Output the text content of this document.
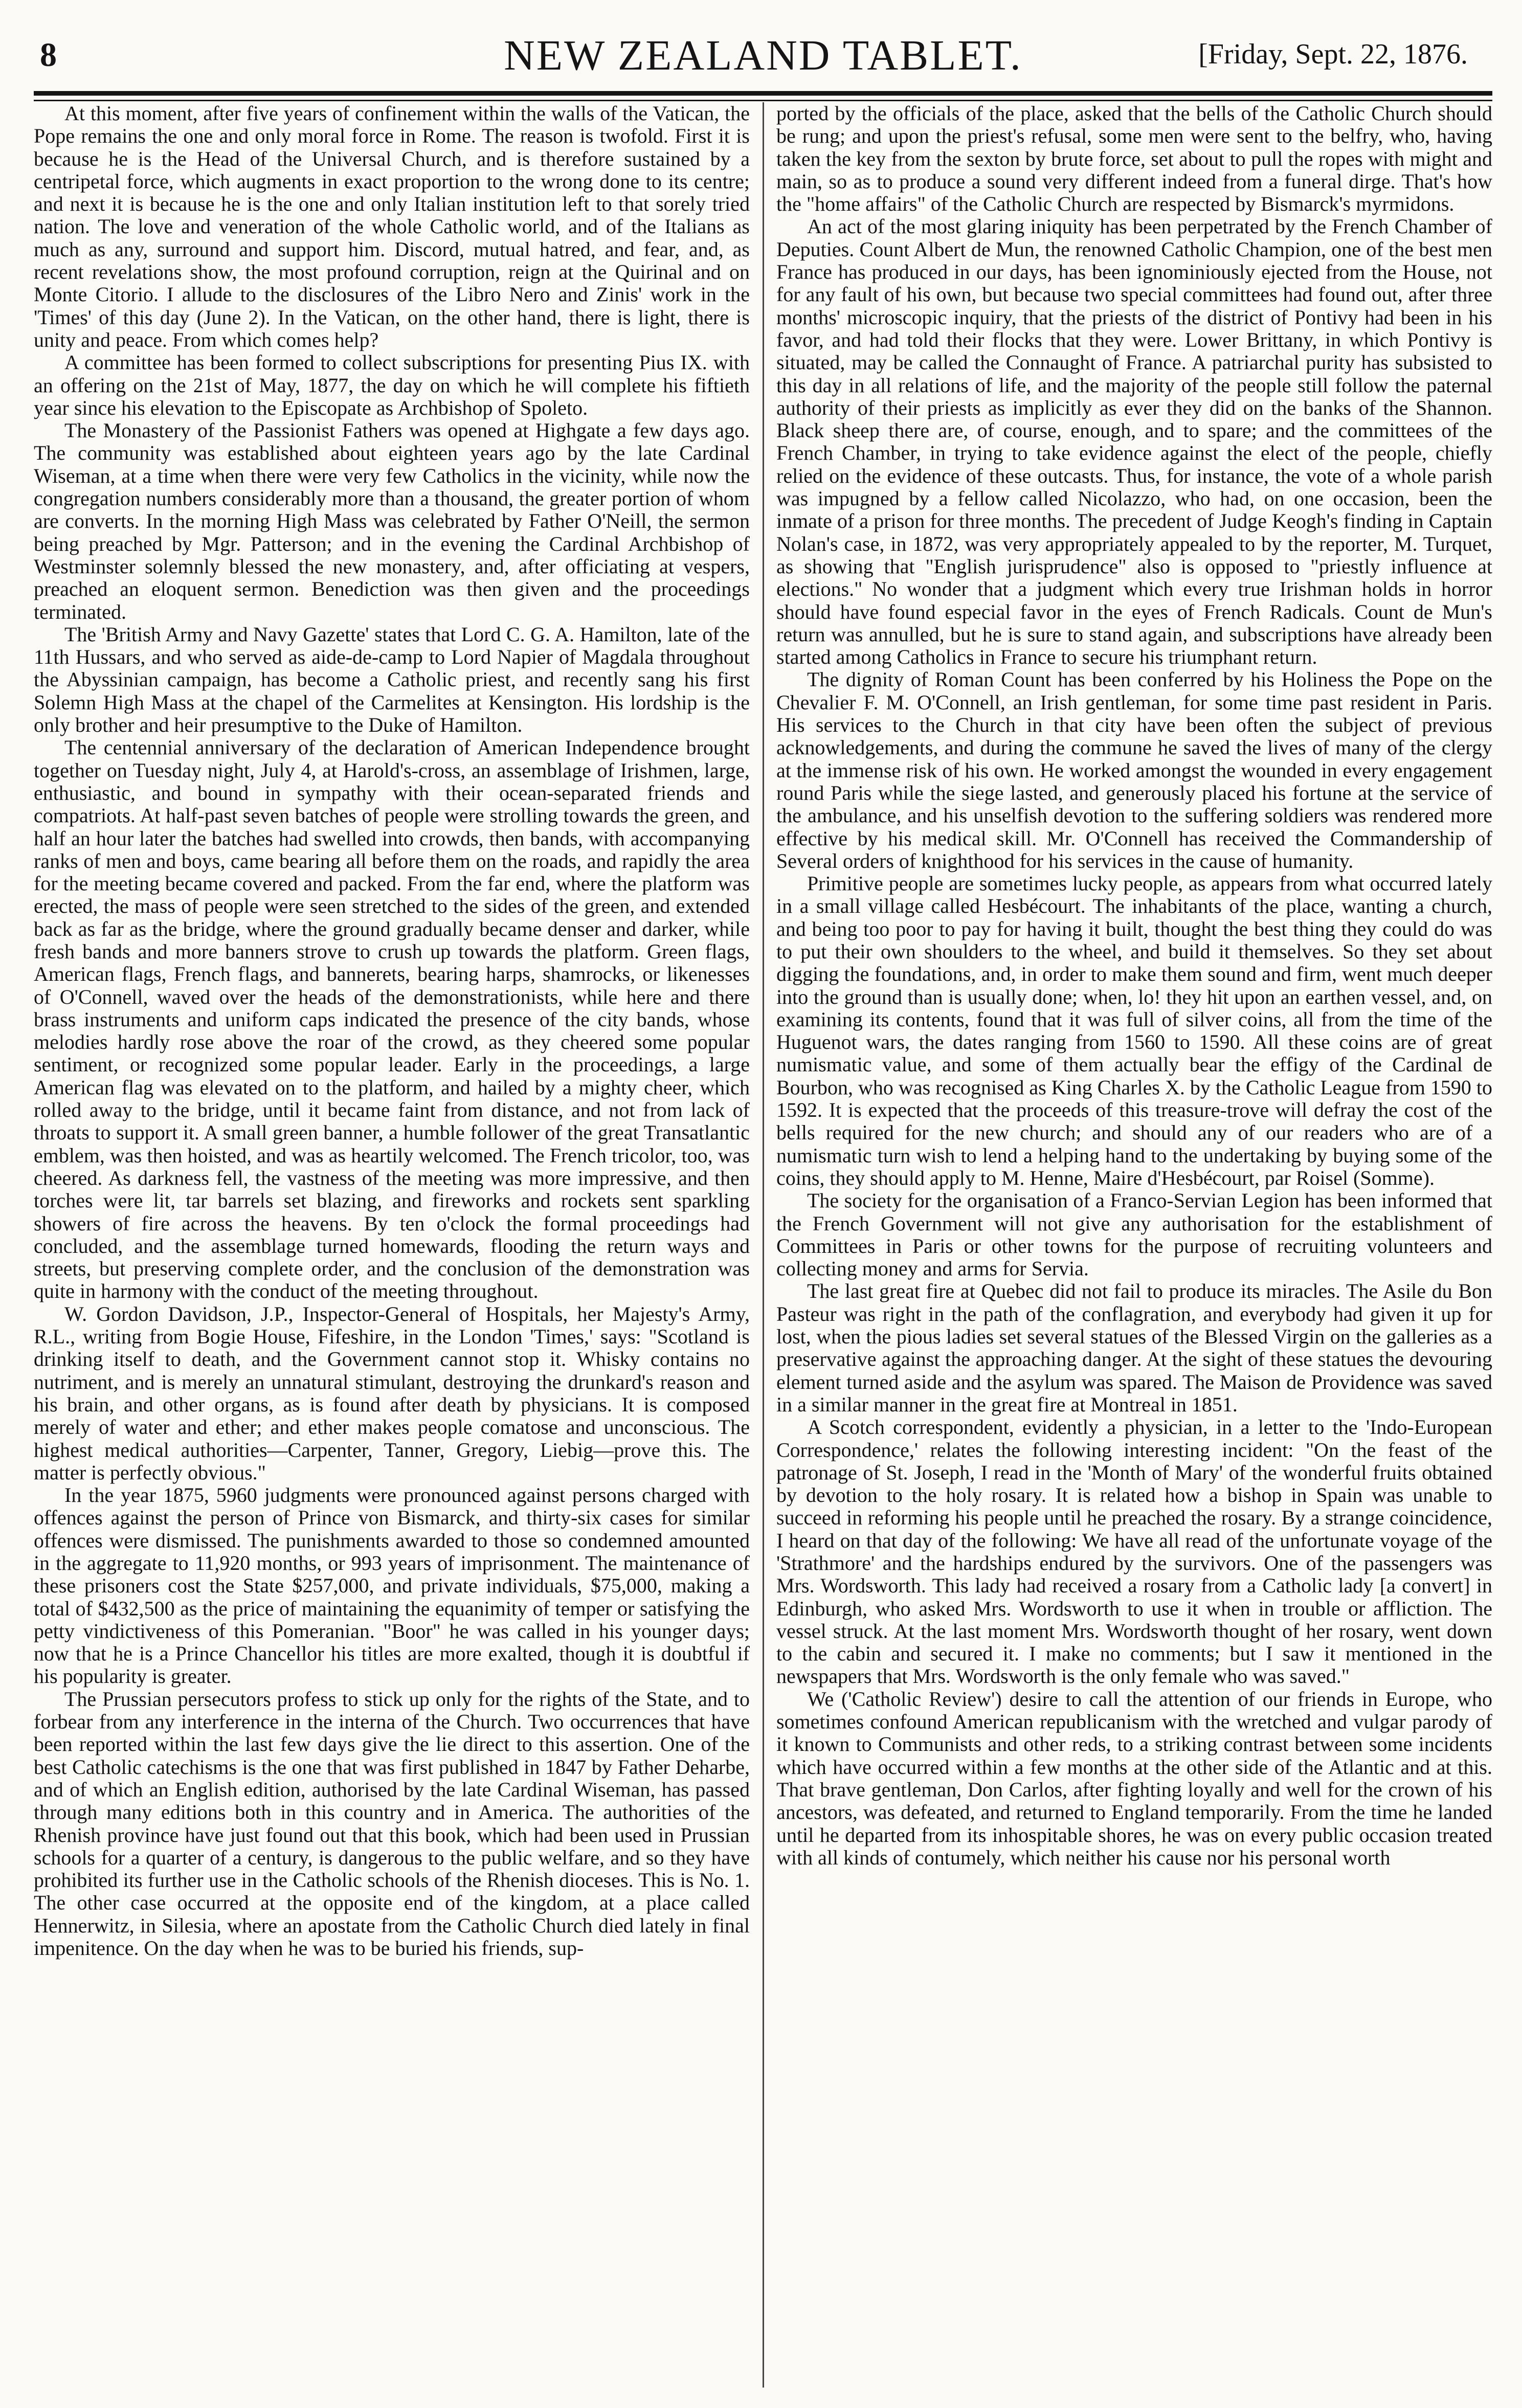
8	NEW ZEALAND TABLET.	[Friday, Sept. 22, 1876.

At this moment, after five years of confinement within the walls of the Vatican, the Pope remains the one and only moral force in Rome. The reason is twofold. First it is because he is the Head of the Universal Church, and is therefore sustained by a centripetal force, which augments in exact proportion to the wrong done to its centre; and next it is because he is the one and only Italian institution left to that sorely tried nation. The love and veneration of the whole Catholic world, and of the Italians as much as any, surround and support him. Discord, mutual hatred, and fear, and, as recent revelations show, the most profound corruption, reign at the Quirinal and on Monte Citorio. I allude to the disclosures of the Libro Nero and Zinis' work in the 'Times' of this day (June 2). In the Vatican, on the other hand, there is light, there is unity and peace. From which comes help?

A committee has been formed to collect subscriptions for presenting Pius IX. with an offering on the 21st of May, 1877, the day on which he will complete his fiftieth year since his elevation to the Episcopate as Archbishop of Spoleto.

The Monastery of the Passionist Fathers was opened at Highgate a few days ago. The community was established about eighteen years ago by the late Cardinal Wiseman, at a time when there were very few Catholics in the vicinity, while now the congregation numbers considerably more than a thousand, the greater portion of whom are converts. In the morning High Mass was celebrated by Father O'Neill, the sermon being preached by Mgr. Patterson; and in the evening the Cardinal Archbishop of Westminster solemnly blessed the new monastery, and, after officiating at vespers, preached an eloquent sermon. Benediction was then given and the proceedings terminated.

The 'British Army and Navy Gazette' states that Lord C. G. A. Hamilton, late of the 11th Hussars, and who served as aide-de-camp to Lord Napier of Magdala throughout the Abyssinian campaign, has become a Catholic priest, and recently sang his first Solemn High Mass at the chapel of the Carmelites at Kensington. His lordship is the only brother and heir presumptive to the Duke of Hamilton.

The centennial anniversary of the declaration of American Independence brought together on Tuesday night, July 4, at Harold's-cross, an assemblage of Irishmen, large, enthusiastic, and bound in sympathy with their ocean-separated friends and compatriots. At half-past seven batches of people were strolling towards the green, and half an hour later the batches had swelled into crowds, then bands, with accompanying ranks of men and boys, came bearing all before them on the roads, and rapidly the area for the meeting became covered and packed. From the far end, where the platform was erected, the mass of people were seen stretched to the sides of the green, and extended back as far as the bridge, where the ground gradually became denser and darker, while fresh bands and more banners strove to crush up towards the platform. Green flags, American flags, French flags, and bannerets, bearing harps, shamrocks, or likenesses of O'Connell, waved over the heads of the demonstrationists, while here and there brass instruments and uniform caps indicated the presence of the city bands, whose melodies hardly rose above the roar of the crowd, as they cheered some popular sentiment, or recognized some popular leader. Early in the proceedings, a large American flag was elevated on to the platform, and hailed by a mighty cheer, which rolled away to the bridge, until it became faint from distance, and not from lack of throats to support it. A small green banner, a humble follower of the great Transatlantic emblem, was then hoisted, and was as heartily welcomed. The French tricolor, too, was cheered. As darkness fell, the vastness of the meeting was more impressive, and then torches were lit, tar barrels set blazing, and fireworks and rockets sent sparkling showers of fire across the heavens. By ten o'clock the formal proceedings had concluded, and the assemblage turned homewards, flooding the return ways and streets, but preserving complete order, and the conclusion of the demonstration was quite in harmony with the conduct of the meeting throughout.

W. Gordon Davidson, J.P., Inspector-General of Hospitals, her Majesty's Army, R.L., writing from Bogie House, Fifeshire, in the London 'Times,' says: "Scotland is drinking itself to death, and the Government cannot stop it. Whisky contains no nutriment, and is merely an unnatural stimulant, destroying the drunkard's reason and his brain, and other organs, as is found after death by physicians. It is composed merely of water and ether; and ether makes people comatose and unconscious. The highest medical authorities—Carpenter, Tanner, Gregory, Liebig—prove this. The matter is perfectly obvious."

In the year 1875, 5960 judgments were pronounced against persons charged with offences against the person of Prince von Bismarck, and thirty-six cases for similar offences were dismissed. The punishments awarded to those so condemned amounted in the aggregate to 11,920 months, or 993 years of imprisonment. The maintenance of these prisoners cost the State $257,000, and private individuals, $75,000, making a total of $432,500 as the price of maintaining the equanimity of temper or satisfying the petty vindictiveness of this Pomeranian. "Boor" he was called in his younger days; now that he is a Prince Chancellor his titles are more exalted, though it is doubtful if his popularity is greater.

The Prussian persecutors profess to stick up only for the rights of the State, and to forbear from any interference in the interna of the Church. Two occurrences that have been reported within the last few days give the lie direct to this assertion. One of the best Catholic catechisms is the one that was first published in 1847 by Father Deharbe, and of which an English edition, authorised by the late Cardinal Wiseman, has passed through many editions both in this country and in America. The authorities of the Rhenish province have just found out that this book, which had been used in Prussian schools for a quarter of a century, is dangerous to the public welfare, and so they have prohibited its further use in the Catholic schools of the Rhenish dioceses. This is No. 1. The other case occurred at the opposite end of the kingdom, at a place called Hennerwitz, in Silesia, where an apostate from the Catholic Church died lately in final impenitence. On the day when he was to be buried his friends, sup-

ported by the officials of the place, asked that the bells of the Catholic Church should be rung; and upon the priest's refusal, some men were sent to the belfry, who, having taken the key from the sexton by brute force, set about to pull the ropes with might and main, so as to produce a sound very different indeed from a funeral dirge. That's how the "home affairs" of the Catholic Church are respected by Bismarck's myrmidons.

An act of the most glaring iniquity has been perpetrated by the French Chamber of Deputies. Count Albert de Mun, the renowned Catholic Champion, one of the best men France has produced in our days, has been ignominiously ejected from the House, not for any fault of his own, but because two special committees had found out, after three months' microscopic inquiry, that the priests of the district of Pontivy had been in his favor, and had told their flocks that they were. Lower Brittany, in which Pontivy is situated, may be called the Connaught of France. A patriarchal purity has subsisted to this day in all relations of life, and the majority of the people still follow the paternal authority of their priests as implicitly as ever they did on the banks of the Shannon. Black sheep there are, of course, enough, and to spare; and the committees of the French Chamber, in trying to take evidence against the elect of the people, chiefly relied on the evidence of these outcasts. Thus, for instance, the vote of a whole parish was impugned by a fellow called Nicolazzo, who had, on one occasion, been the inmate of a prison for three months. The precedent of Judge Keogh's finding in Captain Nolan's case, in 1872, was very appropriately appealed to by the reporter, M. Turquet, as showing that "English jurisprudence" also is opposed to "priestly influence at elections." No wonder that a judgment which every true Irishman holds in horror should have found especial favor in the eyes of French Radicals. Count de Mun's return was annulled, but he is sure to stand again, and subscriptions have already been started among Catholics in France to secure his triumphant return.

The dignity of Roman Count has been conferred by his Holiness the Pope on the Chevalier F. M. O'Connell, an Irish gentleman, for some time past resident in Paris. His services to the Church in that city have been often the subject of previous acknowledgements, and during the commune he saved the lives of many of the clergy at the immense risk of his own. He worked amongst the wounded in every engagement round Paris while the siege lasted, and generously placed his fortune at the service of the ambulance, and his unselfish devotion to the suffering soldiers was rendered more effective by his medical skill. Mr. O'Connell has received the Commandership of Several orders of knighthood for his services in the cause of humanity.

Primitive people are sometimes lucky people, as appears from what occurred lately in a small village called Hesbécourt. The inhabitants of the place, wanting a church, and being too poor to pay for having it built, thought the best thing they could do was to put their own shoulders to the wheel, and build it themselves. So they set about digging the foundations, and, in order to make them sound and firm, went much deeper into the ground than is usually done; when, lo! they hit upon an earthen vessel, and, on examining its contents, found that it was full of silver coins, all from the time of the Huguenot wars, the dates ranging from 1560 to 1590. All these coins are of great numismatic value, and some of them actually bear the effigy of the Cardinal de Bourbon, who was recognised as King Charles X. by the Catholic League from 1590 to 1592. It is expected that the proceeds of this treasure-trove will defray the cost of the bells required for the new church; and should any of our readers who are of a numismatic turn wish to lend a helping hand to the undertaking by buying some of the coins, they should apply to M. Henne, Maire d'Hesbécourt, par Roisel (Somme).

The society for the organisation of a Franco-Servian Legion has been informed that the French Government will not give any authorisation for the establishment of Committees in Paris or other towns for the purpose of recruiting volunteers and collecting money and arms for Servia.

The last great fire at Quebec did not fail to produce its miracles. The Asile du Bon Pasteur was right in the path of the conflagration, and everybody had given it up for lost, when the pious ladies set several statues of the Blessed Virgin on the galleries as a preservative against the approaching danger. At the sight of these statues the devouring element turned aside and the asylum was spared. The Maison de Providence was saved in a similar manner in the great fire at Montreal in 1851.

A Scotch correspondent, evidently a physician, in a letter to the 'Indo-European Correspondence,' relates the following interesting incident: "On the feast of the patronage of St. Joseph, I read in the 'Month of Mary' of the wonderful fruits obtained by devotion to the holy rosary. It is related how a bishop in Spain was unable to succeed in reforming his people until he preached the rosary. By a strange coincidence, I heard on that day of the following: We have all read of the unfortunate voyage of the 'Strathmore' and the hardships endured by the survivors. One of the passengers was Mrs. Wordsworth. This lady had received a rosary from a Catholic lady [a convert] in Edinburgh, who asked Mrs. Wordsworth to use it when in trouble or affliction. The vessel struck. At the last moment Mrs. Wordsworth thought of her rosary, went down to the cabin and secured it. I make no comments; but I saw it mentioned in the newspapers that Mrs. Wordsworth is the only female who was saved."

We ('Catholic Review') desire to call the attention of our friends in Europe, who sometimes confound American republicanism with the wretched and vulgar parody of it known to Communists and other reds, to a striking contrast between some incidents which have occurred within a few months at the other side of the Atlantic and at this. That brave gentleman, Don Carlos, after fighting loyally and well for the crown of his ancestors, was defeated, and returned to England temporarily. From the time he landed until he departed from its inhospitable shores, he was on every public occasion treated with all kinds of contumely, which neither his cause nor his personal worth
